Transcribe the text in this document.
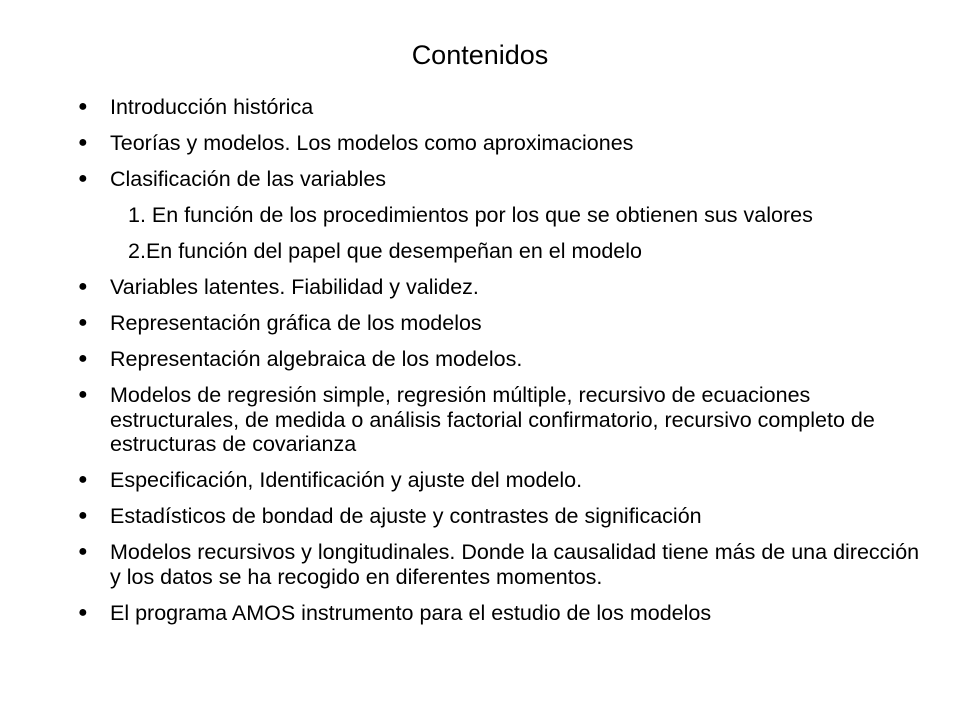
Contenidos
●	Introducción histórica
●	Teorías y modelos. Los modelos como aproximaciones
●	Clasificación de las variables
1. En función de los procedimientos por los que se obtienen sus valores
2. En función del papel que desempeñan en el modelo
●	Variables latentes. Fiabilidad y validez.
●	Representación gráfica de los modelos
●	Representación algebraica de los modelos.
●	Modelos de regresión simple, regresión múltiple, recursivo de ecuaciones estructurales, de medida o análisis factorial confirmatorio, recursivo completo de estructuras de covarianza
●	Especificación, Identificación y ajuste del modelo.
●	Estadísticos de bondad de ajuste y contrastes de significación
●	Modelos recursivos y longitudinales. Donde la causalidad tiene más de una dirección y los datos se ha recogido en diferentes momentos.
●	El programa AMOS instrumento para el estudio de los modelos
